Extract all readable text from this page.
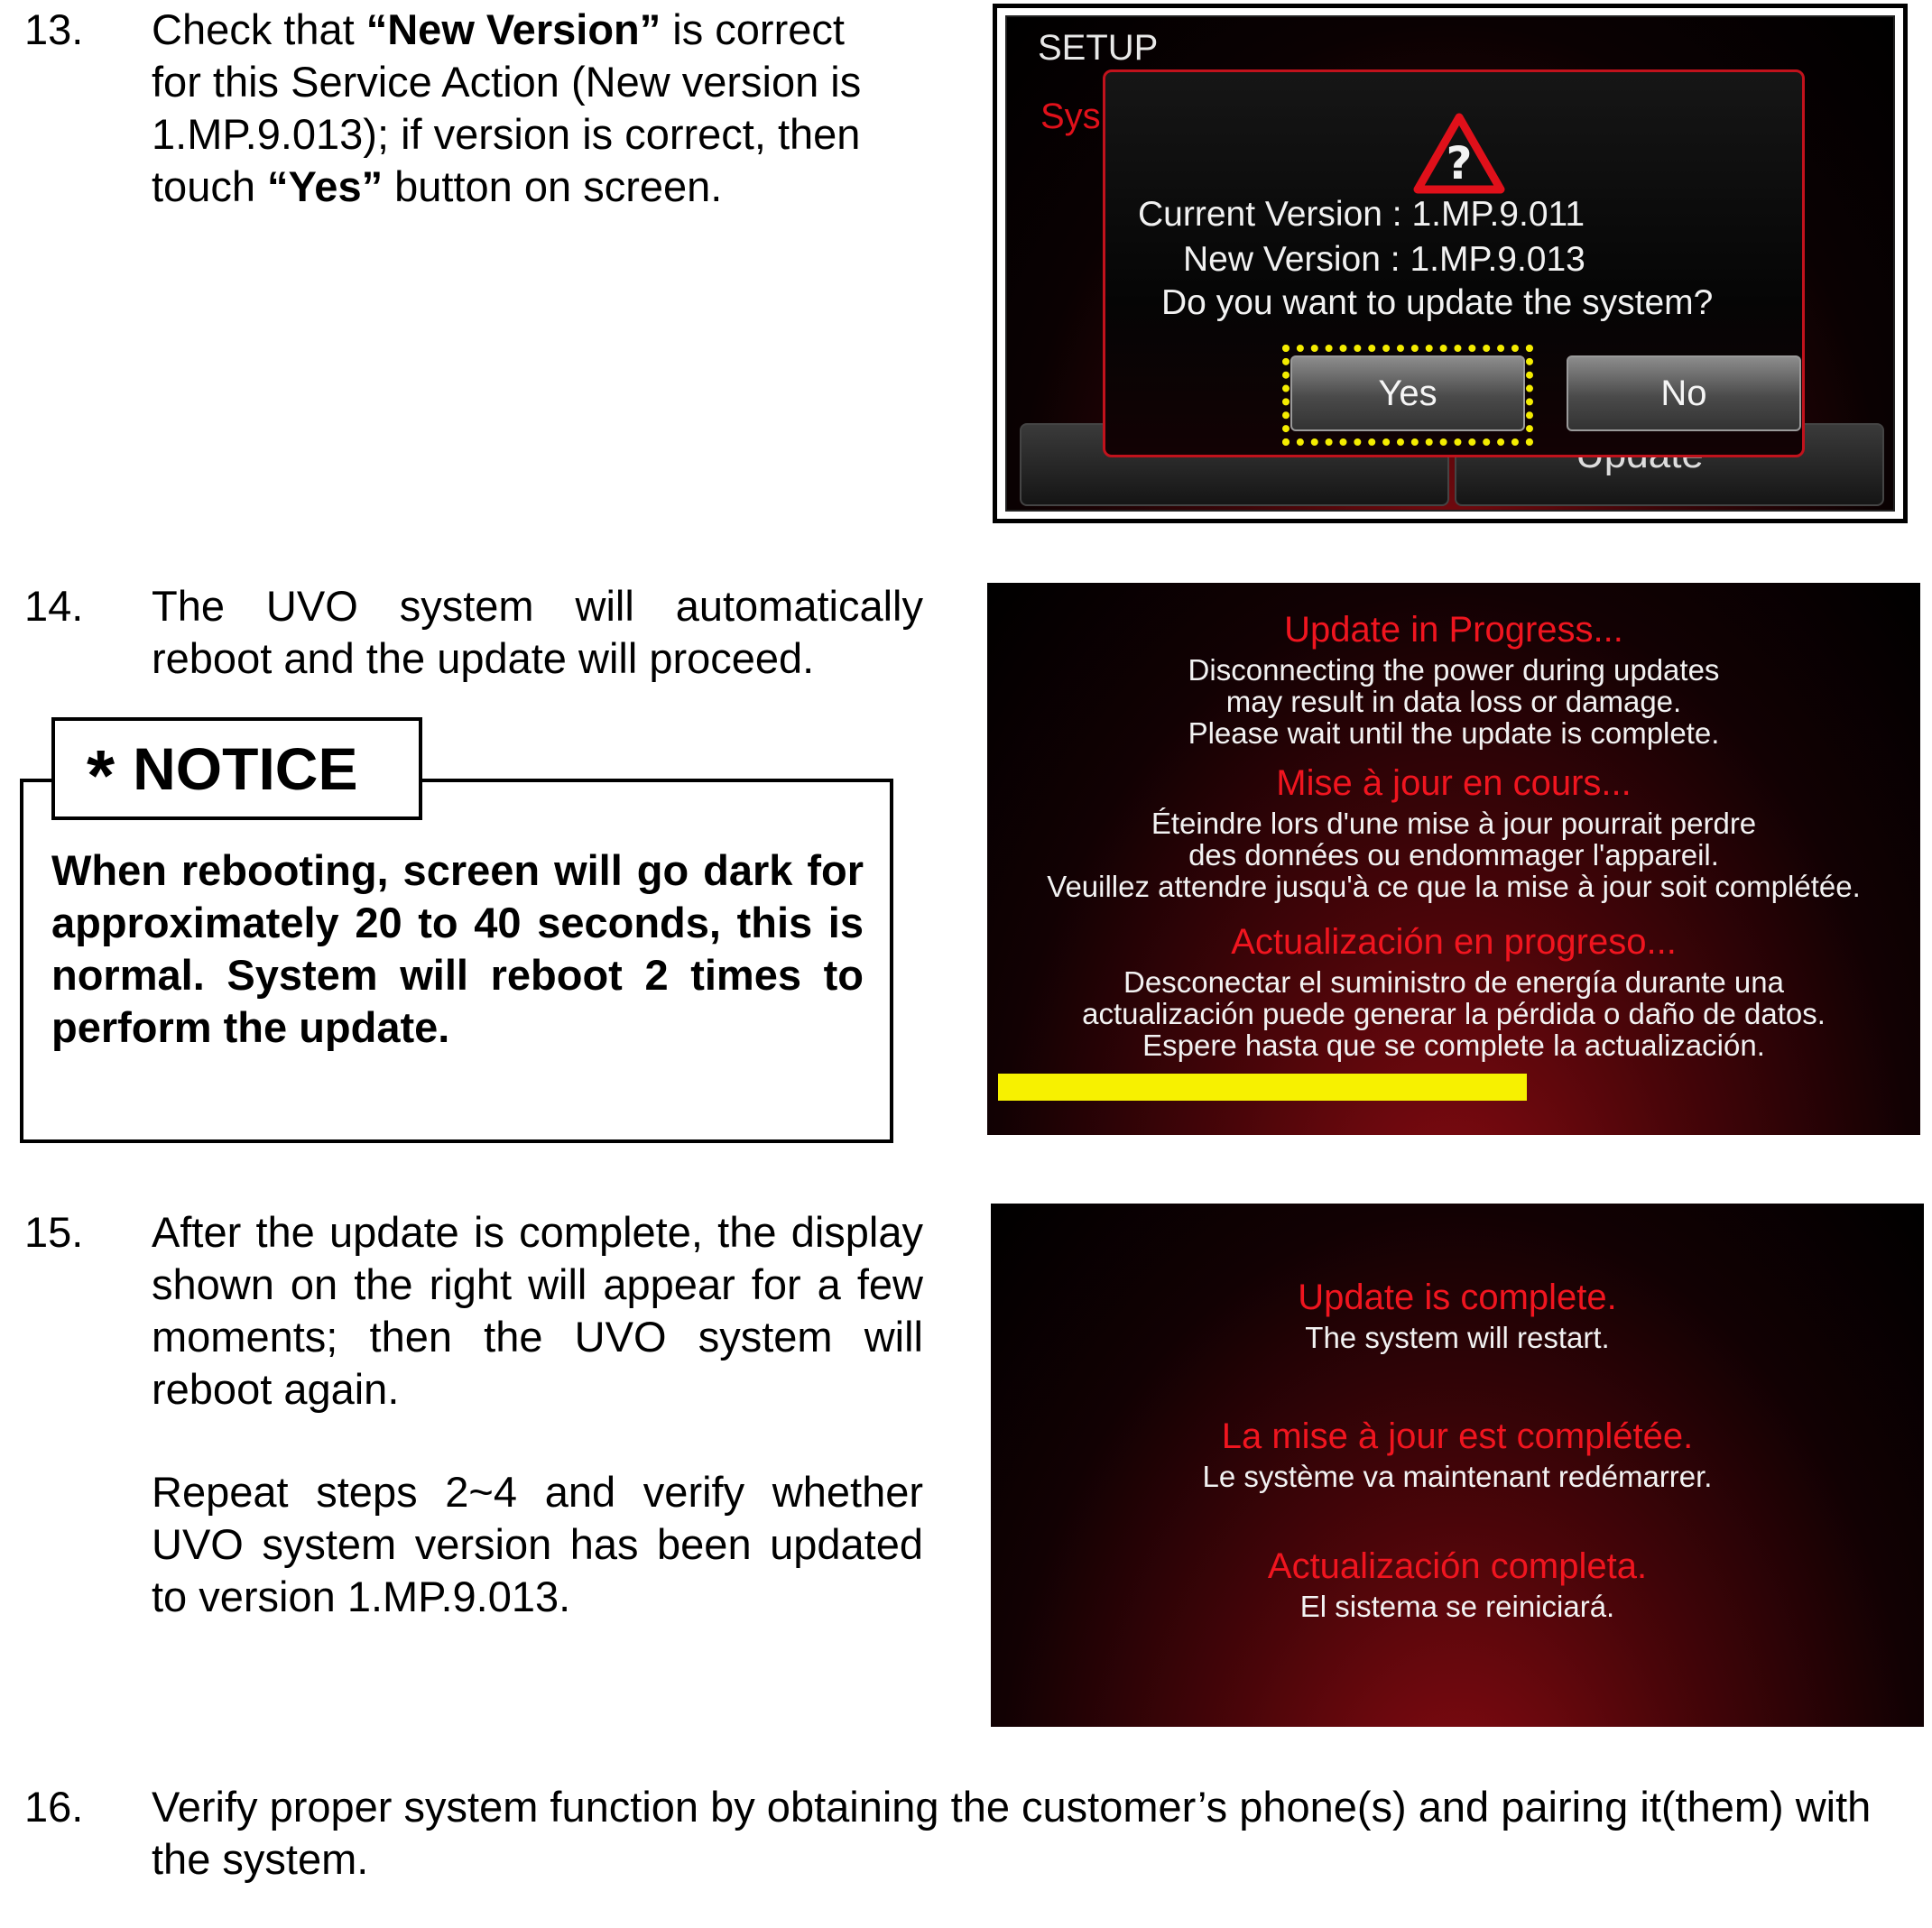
13. Check that “New Version” is correct
for this Service Action (New version is
1.MP.9.013); if version is correct, then
touch “Yes” button on screen.
SETUP
Sys
?
Current Version : 1.MP.9.011
New Version : 1.MP.9.013
Do you want to update the system?
Yes	No
14. The UVO system will automatically reboot and the update will proceed.
* NOTICE
When rebooting, screen will go dark for approximately 20 to 40 seconds, this is normal. System will reboot 2 times to perform the update.
Update in Progress...
Disconnecting the power during updates
may result in data loss or damage.
Please wait until the update is complete.
Mise à jour en cours...
Éteindre lors d'une mise à jour pourrait perdre
des données ou endommager l'appareil.
Veuillez attendre jusqu'à ce que la mise à jour soit complétée.
Actualización en progreso...
Desconectar el suministro de energía durante una
actualización puede generar la pérdida o daño de datos.
Espere hasta que se complete la actualización.
15. After the update is complete, the display shown on the right will appear for a few moments; then the UVO system will reboot again.
Repeat steps 2~4 and verify whether UVO system version has been updated to version 1.MP.9.013.
Update is complete.
The system will restart.
La mise à jour est complétée.
Le système va maintenant redémarrer.
Actualización completa.
El sistema se reiniciará.
16. Verify proper system function by obtaining the customer’s phone(s) and pairing it(them) with the system.
